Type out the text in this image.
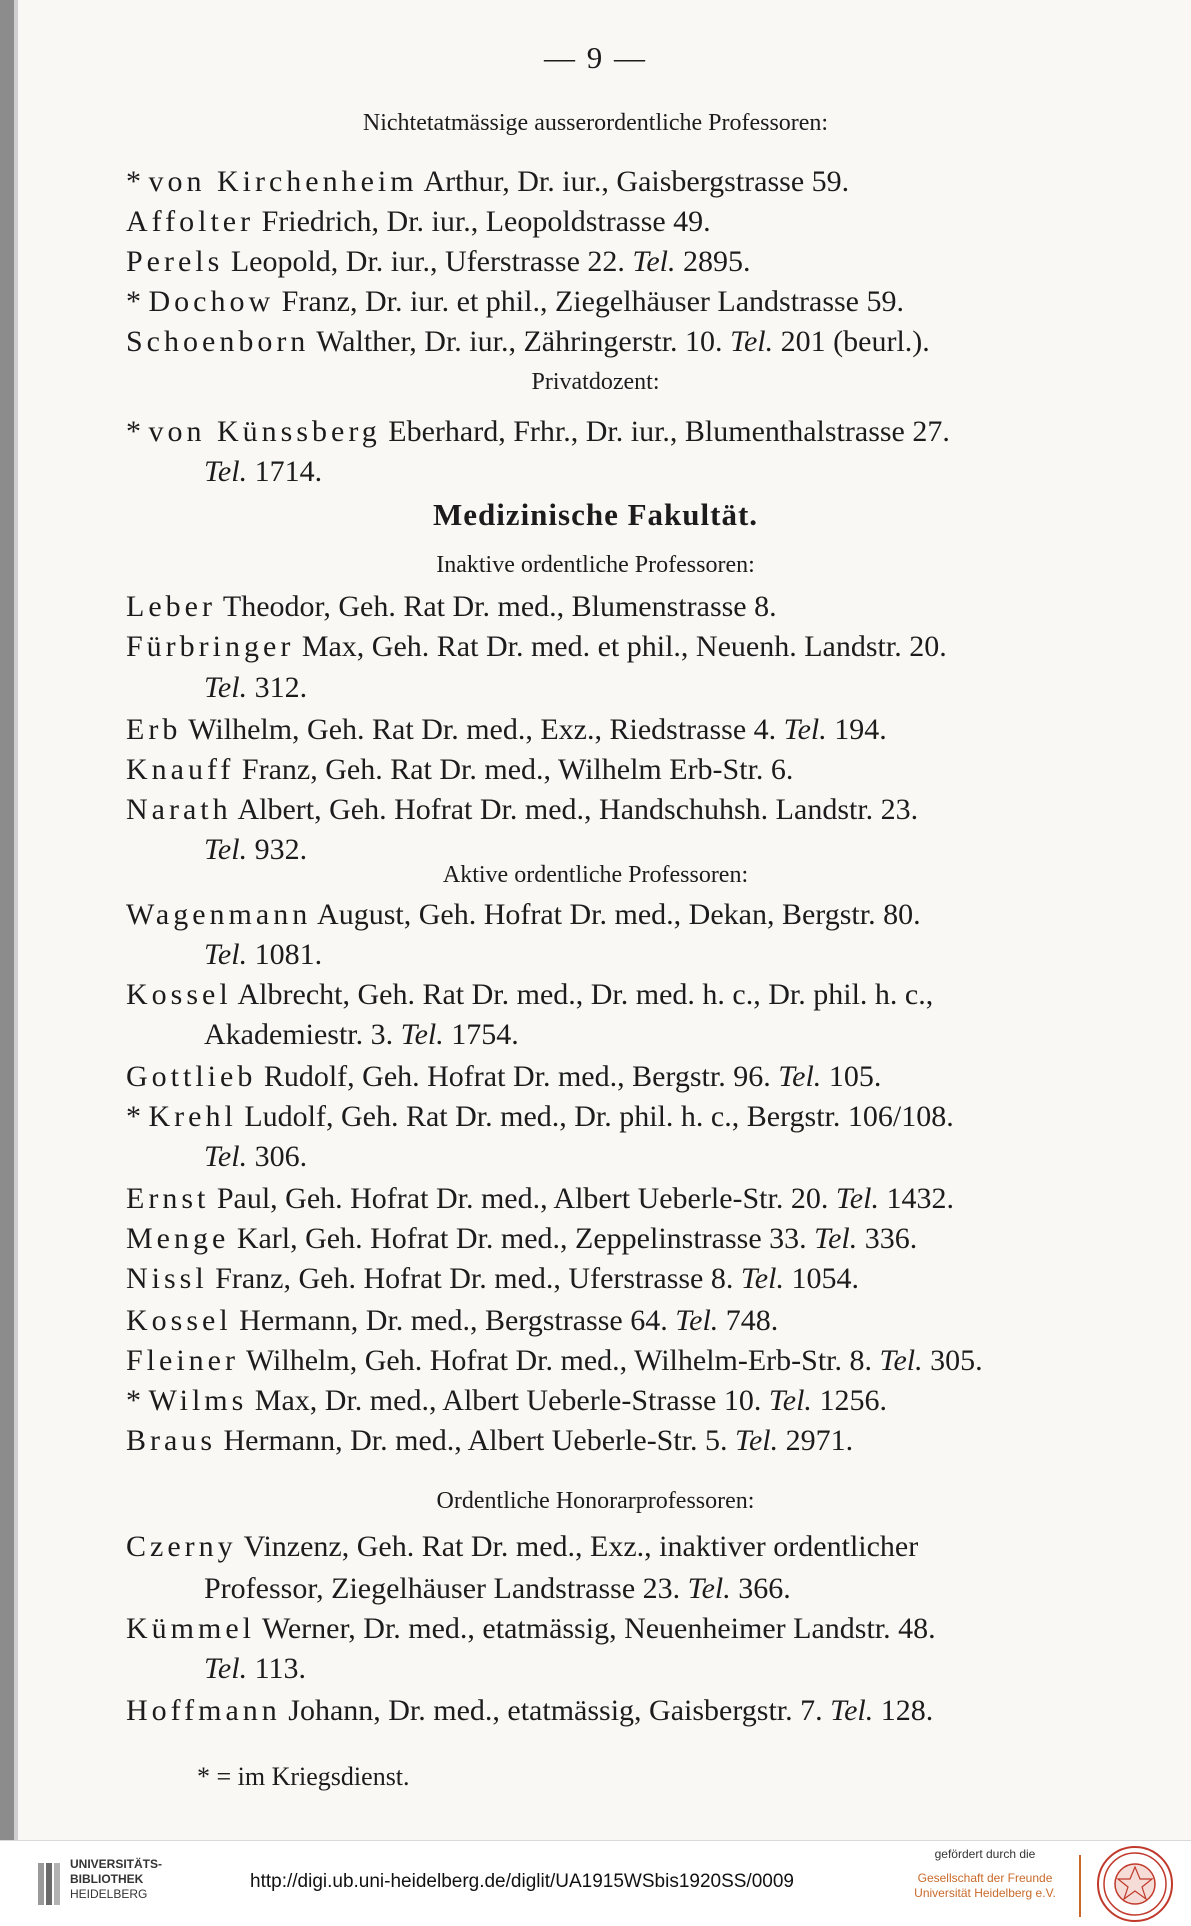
— 9 —
Nichtetatmässige ausserordentliche Professoren:
Privatdozent:
Medizinische Fakultät.
Inaktive ordentliche Professoren:
Aktive ordentliche Professoren:
Ordentliche Honorarprofessoren:
* von Kirchenheim Arthur, Dr. iur., Gaisbergstrasse 59.
Affolter Friedrich, Dr. iur., Leopoldstrasse 49.
Perels Leopold, Dr. iur., Uferstrasse 22. Tel. 2895.
* Dochow Franz, Dr. iur. et phil., Ziegelhäuser Landstrasse 59.
Schoenborn Walther, Dr. iur., Zähringerstr. 10. Tel. 201 (beurl.).
* von Künssberg Eberhard, Frhr., Dr. iur., Blumenthalstrasse 27.
Tel. 1714.
Leber Theodor, Geh. Rat Dr. med., Blumenstrasse 8.
Fürbringer Max, Geh. Rat Dr. med. et phil., Neuenh. Landstr. 20.
Tel. 312.
Erb Wilhelm, Geh. Rat Dr. med., Exz., Riedstrasse 4. Tel. 194.
Knauff Franz, Geh. Rat Dr. med., Wilhelm Erb-Str. 6.
Narath Albert, Geh. Hofrat Dr. med., Handschuhsh. Landstr. 23.
Tel. 932.
Wagenmann August, Geh. Hofrat Dr. med., Dekan, Bergstr. 80.
Tel. 1081.
Kossel Albrecht, Geh. Rat Dr. med., Dr. med. h. c., Dr. phil. h. c.,
Akademiestr. 3. Tel. 1754.
Gottlieb Rudolf, Geh. Hofrat Dr. med., Bergstr. 96. Tel. 105.
* Krehl Ludolf, Geh. Rat Dr. med., Dr. phil. h. c., Bergstr. 106/108.
Tel. 306.
Ernst Paul, Geh. Hofrat Dr. med., Albert Ueberle-Str. 20. Tel. 1432.
Menge Karl, Geh. Hofrat Dr. med., Zeppelinstrasse 33. Tel. 336.
Nissl Franz, Geh. Hofrat Dr. med., Uferstrasse 8. Tel. 1054.
Kossel Hermann, Dr. med., Bergstrasse 64. Tel. 748.
Fleiner Wilhelm, Geh. Hofrat Dr. med., Wilhelm-Erb-Str. 8. Tel. 305.
* Wilms Max, Dr. med., Albert Ueberle-Strasse 10. Tel. 1256.
Braus Hermann, Dr. med., Albert Ueberle-Str. 5. Tel. 2971.
Czerny Vinzenz, Geh. Rat Dr. med., Exz., inaktiver ordentlicher
Professor, Ziegelhäuser Landstrasse 23. Tel. 366.
Kümmel Werner, Dr. med., etatmässig, Neuenheimer Landstr. 48.
Tel. 113.
Hoffmann Johann, Dr. med., etatmässig, Gaisbergstr. 7. Tel. 128.
* = im Kriegsdienst.
UNIVERSITÄTS-
BIBLIOTHEK
HEIDELBERG
http://digi.ub.uni-heidelberg.de/diglit/UA1915WSbis1920SS/0009
gefördert durch die
Gesellschaft der Freunde
Universität Heidelberg e.V.
